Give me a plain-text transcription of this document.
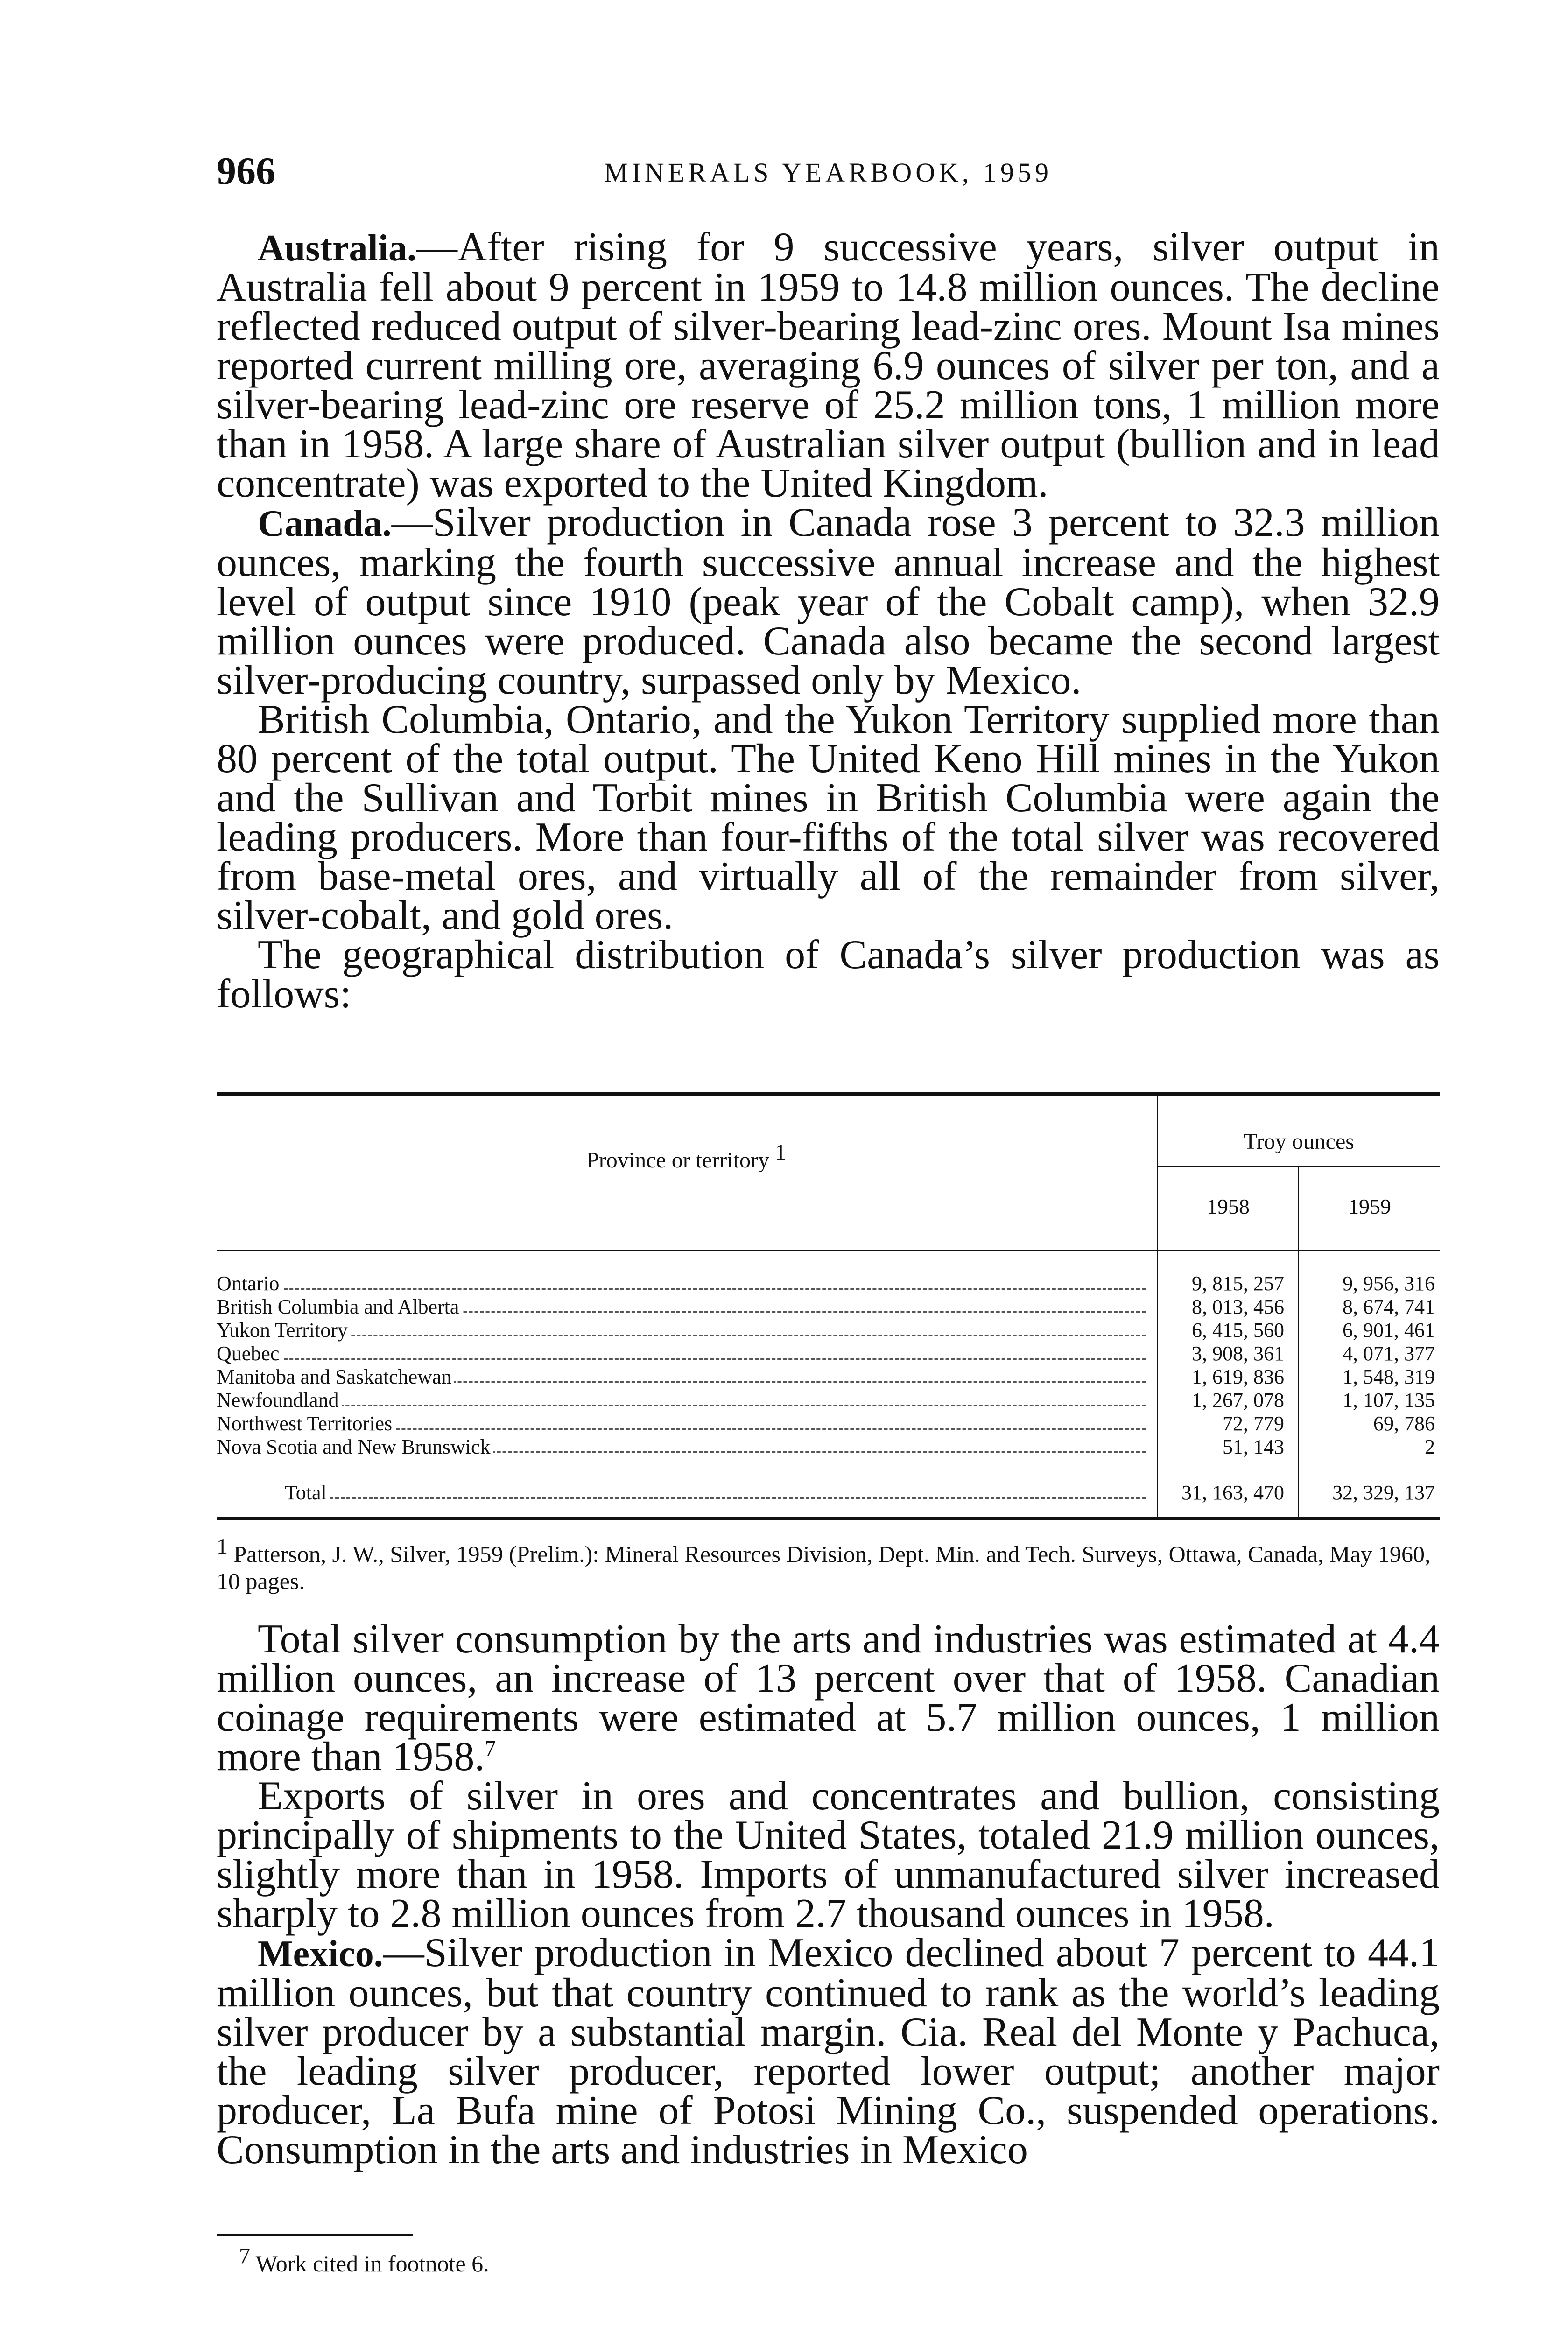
966	MINERALS YEARBOOK, 1959

Australia.—After rising for 9 successive years, silver output in Australia fell about 9 percent in 1959 to 14.8 million ounces. The decline reflected reduced output of silver-bearing lead-zinc ores. Mount Isa mines reported current milling ore, averaging 6.9 ounces of silver per ton, and a silver-bearing lead-zinc ore reserve of 25.2 million tons, 1 million more than in 1958. A large share of Australian silver output (bullion and in lead concentrate) was exported to the United Kingdom.

Canada.—Silver production in Canada rose 3 percent to 32.3 million ounces, marking the fourth successive annual increase and the highest level of output since 1910 (peak year of the Cobalt camp), when 32.9 million ounces were produced. Canada also became the second largest silver-producing country, surpassed only by Mexico.

British Columbia, Ontario, and the Yukon Territory supplied more than 80 percent of the total output. The United Keno Hill mines in the Yukon and the Sullivan and Torbit mines in British Columbia were again the leading producers. More than four-fifths of the total silver was recovered from base-metal ores, and virtually all of the remainder from silver, silver-cobalt, and gold ores.

The geographical distribution of Canada’s silver production was as follows:

Province or territory $^1$	Troy ounces
1958	1959
Ontario	9, 815, 257	9, 956, 316
British Columbia and Alberta	8, 013, 456	8, 674, 741
Yukon Territory	6, 415, 560	6, 901, 461
Quebec	3, 908, 361	4, 071, 377
Manitoba and Saskatchewan	1, 619, 836	1, 548, 319
Newfoundland	1, 267, 078	1, 107, 135
Northwest Territories	72, 779	69, 786
Nova Scotia and New Brunswick	51, 143	2
Total	31, 163, 470	32, 329, 137
$^1$ Patterson, J. W., Silver, 1959 (Prelim.): Mineral Resources Division, Dept. Min. and Tech. Surveys, Ottawa, Canada, May 1960, 10 pages.

Total silver consumption by the arts and industries was estimated at 4.4 million ounces, an increase of 13 percent over that of 1958. Canadian coinage requirements were estimated at 5.7 million ounces, 1 million more than 1958.$^7$

Exports of silver in ores and concentrates and bullion, consisting principally of shipments to the United States, totaled 21.9 million ounces, slightly more than in 1958. Imports of unmanufactured silver increased sharply to 2.8 million ounces from 2.7 thousand ounces in 1958.

Mexico.—Silver production in Mexico declined about 7 percent to 44.1 million ounces, but that country continued to rank as the world’s leading silver producer by a substantial margin. Cia. Real del Monte y Pachuca, the leading silver producer, reported lower output; another major producer, La Bufa mine of Potosi Mining Co., suspended operations. Consumption in the arts and industries in Mexico

$^7$ Work cited in footnote 6.
